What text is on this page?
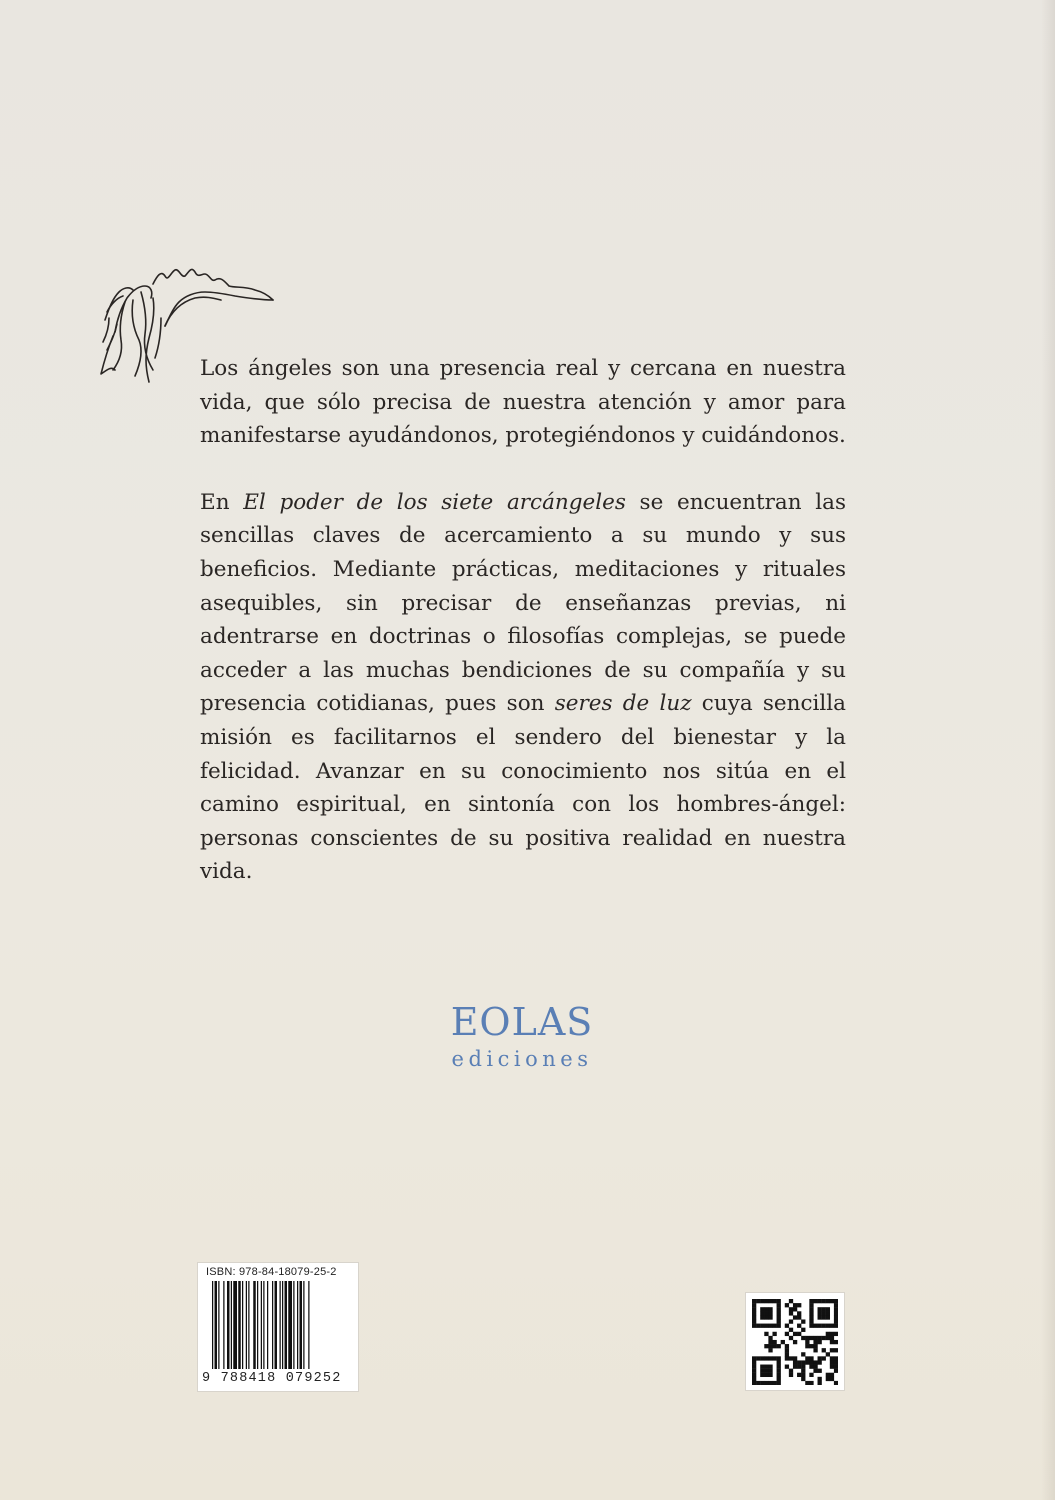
Los ángeles son una presencia real y cercana en nuestra vida, que sólo precisa de nuestra atención y amor para manifestarse ayudándonos, protegiéndonos y cuidándonos.

En El poder de los siete arcángeles se encuentran las sencillas claves de acercamiento a su mundo y sus beneficios. Mediante prácticas, meditaciones y rituales asequibles, sin precisar de enseñanzas previas, ni adentrarse en doctrinas o filosofías complejas, se puede acceder a las muchas bendiciones de su compañía y su presencia cotidianas, pues son seres de luz cuya sencilla misión es facilitarnos el sendero del bienestar y la felicidad. Avanzar en su conocimiento nos sitúa en el camino espiritual, en sintonía con los hombres-ángel: personas conscientes de su positiva realidad en nuestra vida.

EOLAS
ediciones
ISBN: 978-84-18079-25-2
9 788418 079252
